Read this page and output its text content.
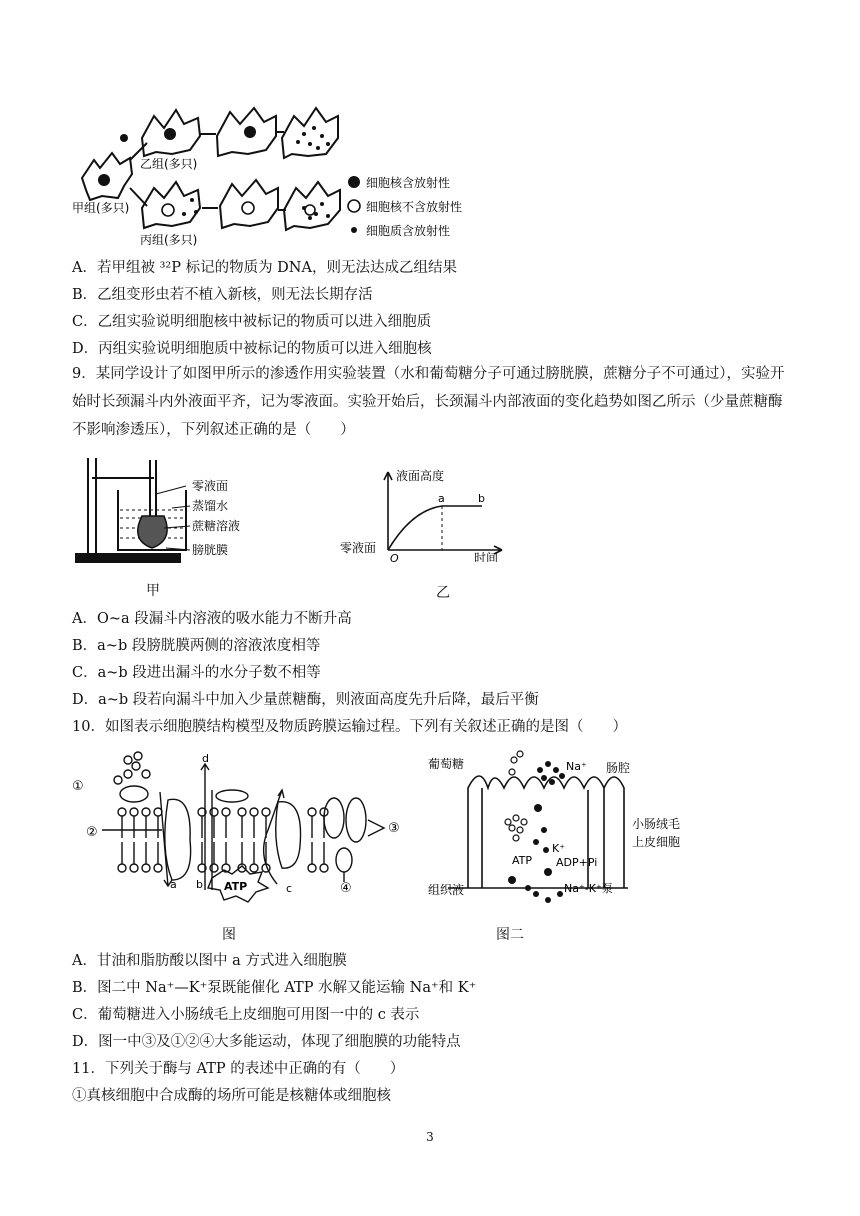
乙组(多只)
甲组(多只)
丙组(多只)
细胞核含放射性
细胞核不含放射性
细胞质含放射性
A．若甲组被 ³²P 标记的物质为 DNA，则无法达成乙组结果
B．乙组变形虫若不植入新核，则无法长期存活
C．乙组实验说明细胞核中被标记的物质可以进入细胞质
D．丙组实验说明细胞质中被标记的物质可以进入细胞核
9．某同学设计了如图甲所示的渗透作用实验装置（水和葡萄糖分子可通过膀胱膜，蔗糖分子不可通过），实验开始时长颈漏斗内外液面平齐，记为零液面。实验开始后，长颈漏斗内部液面的变化趋势如图乙所示（少量蔗糖酶不影响渗透压），下列叙述正确的是（　　）
零液面
蒸馏水
蔗糖溶液
膀胱膜
甲
液面高度
零液面
O
a	b
时间
乙
A．O~a 段漏斗内溶液的吸水能力不断升高
B．a~b 段膀胱膜两侧的溶液浓度相等
C．a~b 段进出漏斗的水分子数不相等
D．a~b 段若向漏斗中加入少量蔗糖酶，则液面高度先升后降，最后平衡
10．如图表示细胞膜结构模型及物质跨膜运输过程。下列有关叙述正确的是图（　　）
①
②	③
④
a b	c
d
ATP
图
葡萄糖	Na⁺ 肠腔
小肠绒毛
上皮细胞
K⁺
ATP ADP+Pi
组织液	Na⁺-K⁺泵
图二
A．甘油和脂肪酸以图中 a 方式进入细胞膜
B．图二中 Na⁺—K⁺泵既能催化 ATP 水解又能运输 Na⁺和 K⁺
C．葡萄糖进入小肠绒毛上皮细胞可用图一中的 c 表示
D．图一中③及①②④大多能运动，体现了细胞膜的功能特点
11．下列关于酶与 ATP 的表述中正确的有（　　）
①真核细胞中合成酶的场所可能是核糖体或细胞核
3
